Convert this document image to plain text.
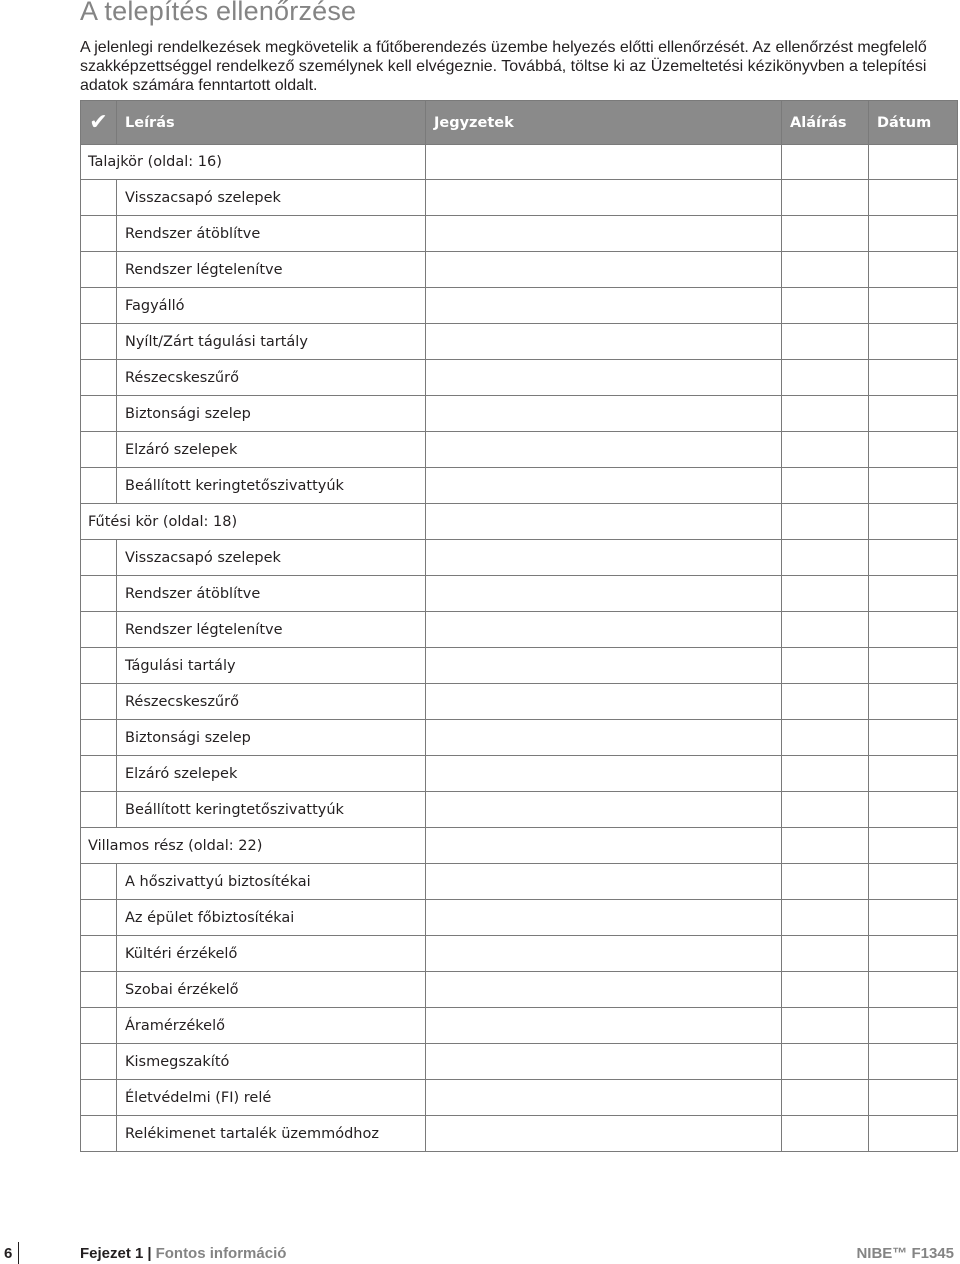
A telepítés ellenőrzése

A jelenlegi rendelkezések megkövetelik a fűtőberendezés üzembe helyezés előtti ellenőrzését. Az ellenőrzést megfelelő szakképzettséggel rendelkező személynek kell elvégeznie. Továbbá, töltse ki az Üzemeltetési kézikönyvben a telepítési adatok számára fenntartott oldalt.

✔	Leírás	Jegyzetek	Aláírás	Dátum
Talajkör (oldal: 16)				
	Visszacsapó szelepek			
	Rendszer átöblítve			
	Rendszer légtelenítve			
	Fagyálló			
	Nyílt/Zárt tágulási tartály			
	Részecskeszűrő			
	Biztonsági szelep			
	Elzáró szelepek			
	Beállított keringtetőszivattyúk			
Fűtési kör (oldal: 18)				
	Visszacsapó szelepek			
	Rendszer átöblítve			
	Rendszer légtelenítve			
	Tágulási tartály			
	Részecskeszűrő			
	Biztonsági szelep			
	Elzáró szelepek			
	Beállított keringtetőszivattyúk			
Villamos rész (oldal: 22)				
	A hőszivattyú biztosítékai			
	Az épület főbiztosítékai			
	Kültéri érzékelő			
	Szobai érzékelő			
	Áramérzékelő			
	Kismegszakító			
	Életvédelmi (FI) relé			
	Relékimenet tartalék üzemmódhoz			
6	Fejezet 1 | Fontos információ	NIBE™ F1345
